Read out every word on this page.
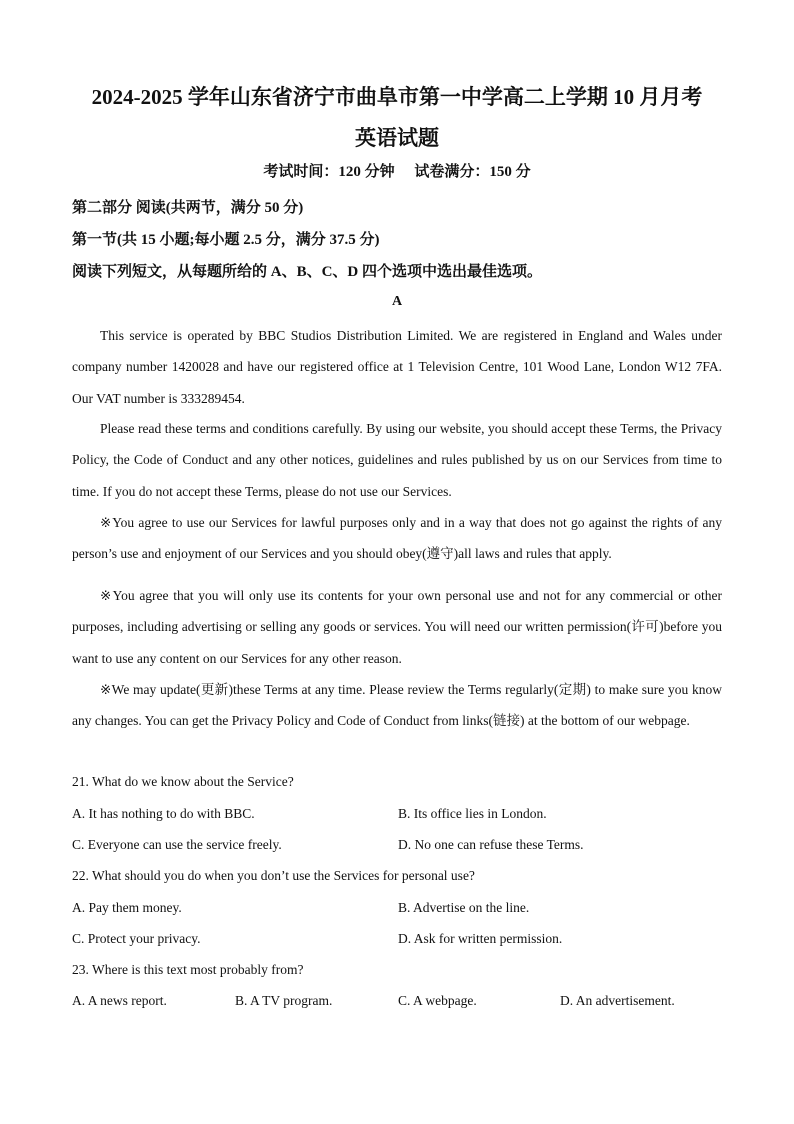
2024-2025 学年山东省济宁市曲阜市第一中学高二上学期 10 月月考
英语试题
考试时间：120 分钟 试卷满分：150 分
第二部分 阅读(共两节，满分 50 分)
第一节(共 15 小题;每小题 2.5 分，满分 37.5 分)
阅读下列短文，从每题所给的 A、B、C、D 四个选项中选出最佳选项。
A

This service is operated by BBC Studios Distribution Limited. We are registered in England and Wales under company number 1420028 and have our registered office at 1 Television Centre, 101 Wood Lane, London W12 7FA. Our VAT number is 333289454.

Please read these terms and conditions carefully. By using our website, you should accept these Terms, the Privacy Policy, the Code of Conduct and any other notices, guidelines and rules published by us on our Services from time to time. If you do not accept these Terms, please do not use our Services.

※You agree to use our Services for lawful purposes only and in a way that does not go against the rights of any person’s use and enjoyment of our Services and you should obey(遵守)all laws and rules that apply.

※You agree that you will only use its contents for your own personal use and not for any commercial or other purposes, including advertising or selling any goods or services. You will need our written permission(许可)before you want to use any content on our Services for any other reason.

※We may update(更新)these Terms at any time. Please review the Terms regularly(定期) to make sure you know any changes. You can get the Privacy Policy and Code of Conduct from links(链接) at the bottom of our webpage.

21. What do we know about the Service?
A. It has nothing to do with BBC.	B. Its office lies in London.
C. Everyone can use the service freely.	D. No one can refuse these Terms.
22. What should you do when you don’t use the Services for personal use?
A. Pay them money.	B. Advertise on the line.
C. Protect your privacy.	D. Ask for written permission.
23. Where is this text most probably from?
A. A news report.	B. A TV program.	C. A webpage.	D. An advertisement.
